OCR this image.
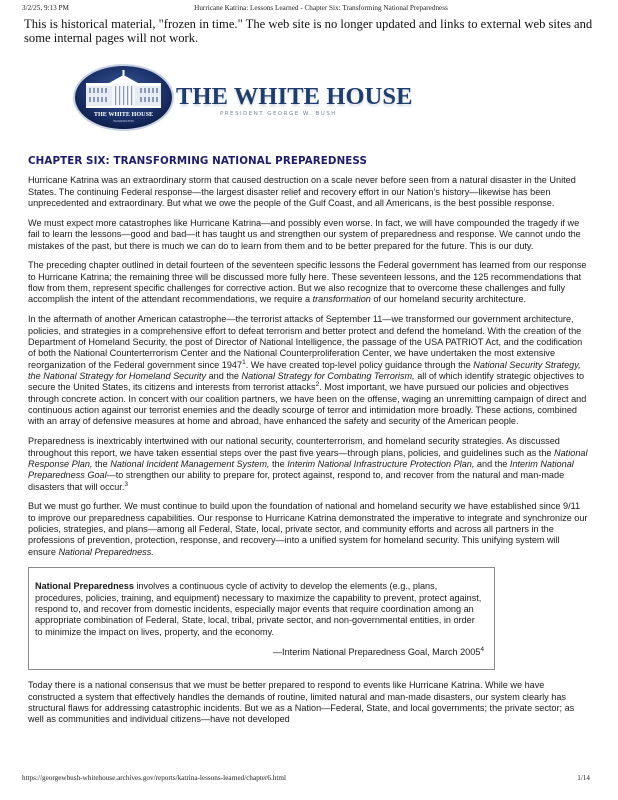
3/2/25, 9:13 PM	Hurricane Katrina: Lessons Learned - Chapter Six: Transforming National Preparedness
This is historical material, "frozen in time." The web site is no longer updated and links to external web sites and some internal pages will not work.
THE WHITE HOUSE
WASHINGTON
THE WHITE HOUSE
PRESIDENT GEORGE W. BUSH
CHAPTER SIX: TRANSFORMING NATIONAL PREPAREDNESS

Hurricane Katrina was an extraordinary storm that caused destruction on a scale never before seen from a natural disaster in the United States. The continuing Federal response—the largest disaster relief and recovery effort in our Nation’s history—likewise has been unprecedented and extraordinary. But what we owe the people of the Gulf Coast, and all Americans, is the best possible response.

We must expect more catastrophes like Hurricane Katrina—and possibly even worse. In fact, we will have compounded the tragedy if we fail to learn the lessons—good and bad—it has taught us and strengthen our system of preparedness and response. We cannot undo the mistakes of the past, but there is much we can do to learn from them and to be better prepared for the future. This is our duty.

The preceding chapter outlined in detail fourteen of the seventeen specific lessons the Federal government has learned from our response to Hurricane Katrina; the remaining three will be discussed more fully here. These seventeen lessons, and the 125 recommendations that flow from them, represent specific challenges for corrective action. But we also recognize that to overcome these challenges and fully accomplish the intent of the attendant recommendations, we require a transformation of our homeland security architecture.

In the aftermath of another American catastrophe—the terrorist attacks of September 11—we transformed our government architecture, policies, and strategies in a comprehensive effort to defeat terrorism and better protect and defend the homeland. With the creation of the Department of Homeland Security, the post of Director of National Intelligence, the passage of the USA PATRIOT Act, and the codification of both the National Counterterrorism Center and the National Counterproliferation Center, we have undertaken the most extensive reorganization of the Federal government since 1947$^1$. We have created top-level policy guidance through the National Security Strategy, the National Strategy for Homeland Security and the National Strategy for Combating Terrorism, all of which identify strategic objectives to secure the United States, its citizens and interests from terrorist attacks$^2$. Most important, we have pursued our policies and objectives through concrete action. In concert with our coalition partners, we have been on the offense, waging an unremitting campaign of direct and continuous action against our terrorist enemies and the deadly scourge of terror and intimidation more broadly. These actions, combined with an array of defensive measures at home and abroad, have enhanced the safety and security of the American people.

Preparedness is inextricably intertwined with our national security, counterterrorism, and homeland security strategies. As discussed throughout this report, we have taken essential steps over the past five years—through plans, policies, and guidelines such as the National Response Plan, the National Incident Management System, the Interim National Infrastructure Protection Plan, and the Interim National Preparedness Goal—to strengthen our ability to prepare for, protect against, respond to, and recover from the natural and man-made disasters that will occur.$^3$

But we must go further. We must continue to build upon the foundation of national and homeland security we have established since 9/11 to improve our preparedness capabilities. Our response to Hurricane Katrina demonstrated the imperative to integrate and synchronize our policies, strategies, and plans—among all Federal, State, local, private sector, and community efforts and across all partners in the professions of prevention, protection, response, and recovery—into a unified system for homeland security. This unifying system will ensure National Preparedness.

National Preparedness involves a continuous cycle of activity to develop the elements (e.g., plans, procedures, policies, training, and equipment) necessary to maximize the capability to prevent, protect against, respond to, and recover from domestic incidents, especially major events that require coordination among an appropriate combination of Federal, State, local, tribal, private sector, and non-governmental entities, in order to minimize the impact on lives, property, and the economy.

—Interim National Preparedness Goal, March 2005$^4$

Today there is a national consensus that we must be better prepared to respond to events like Hurricane Katrina. While we have constructed a system that effectively handles the demands of routine, limited natural and man-made disasters, our system clearly has structural flaws for addressing catastrophic incidents. But we as a Nation—Federal, State, and local governments; the private sector; as well as communities and individual citizens—have not developed

https://georgewbush-whitehouse.archives.gov/reports/katrina-lessons-learned/chapter6.html	1/14
